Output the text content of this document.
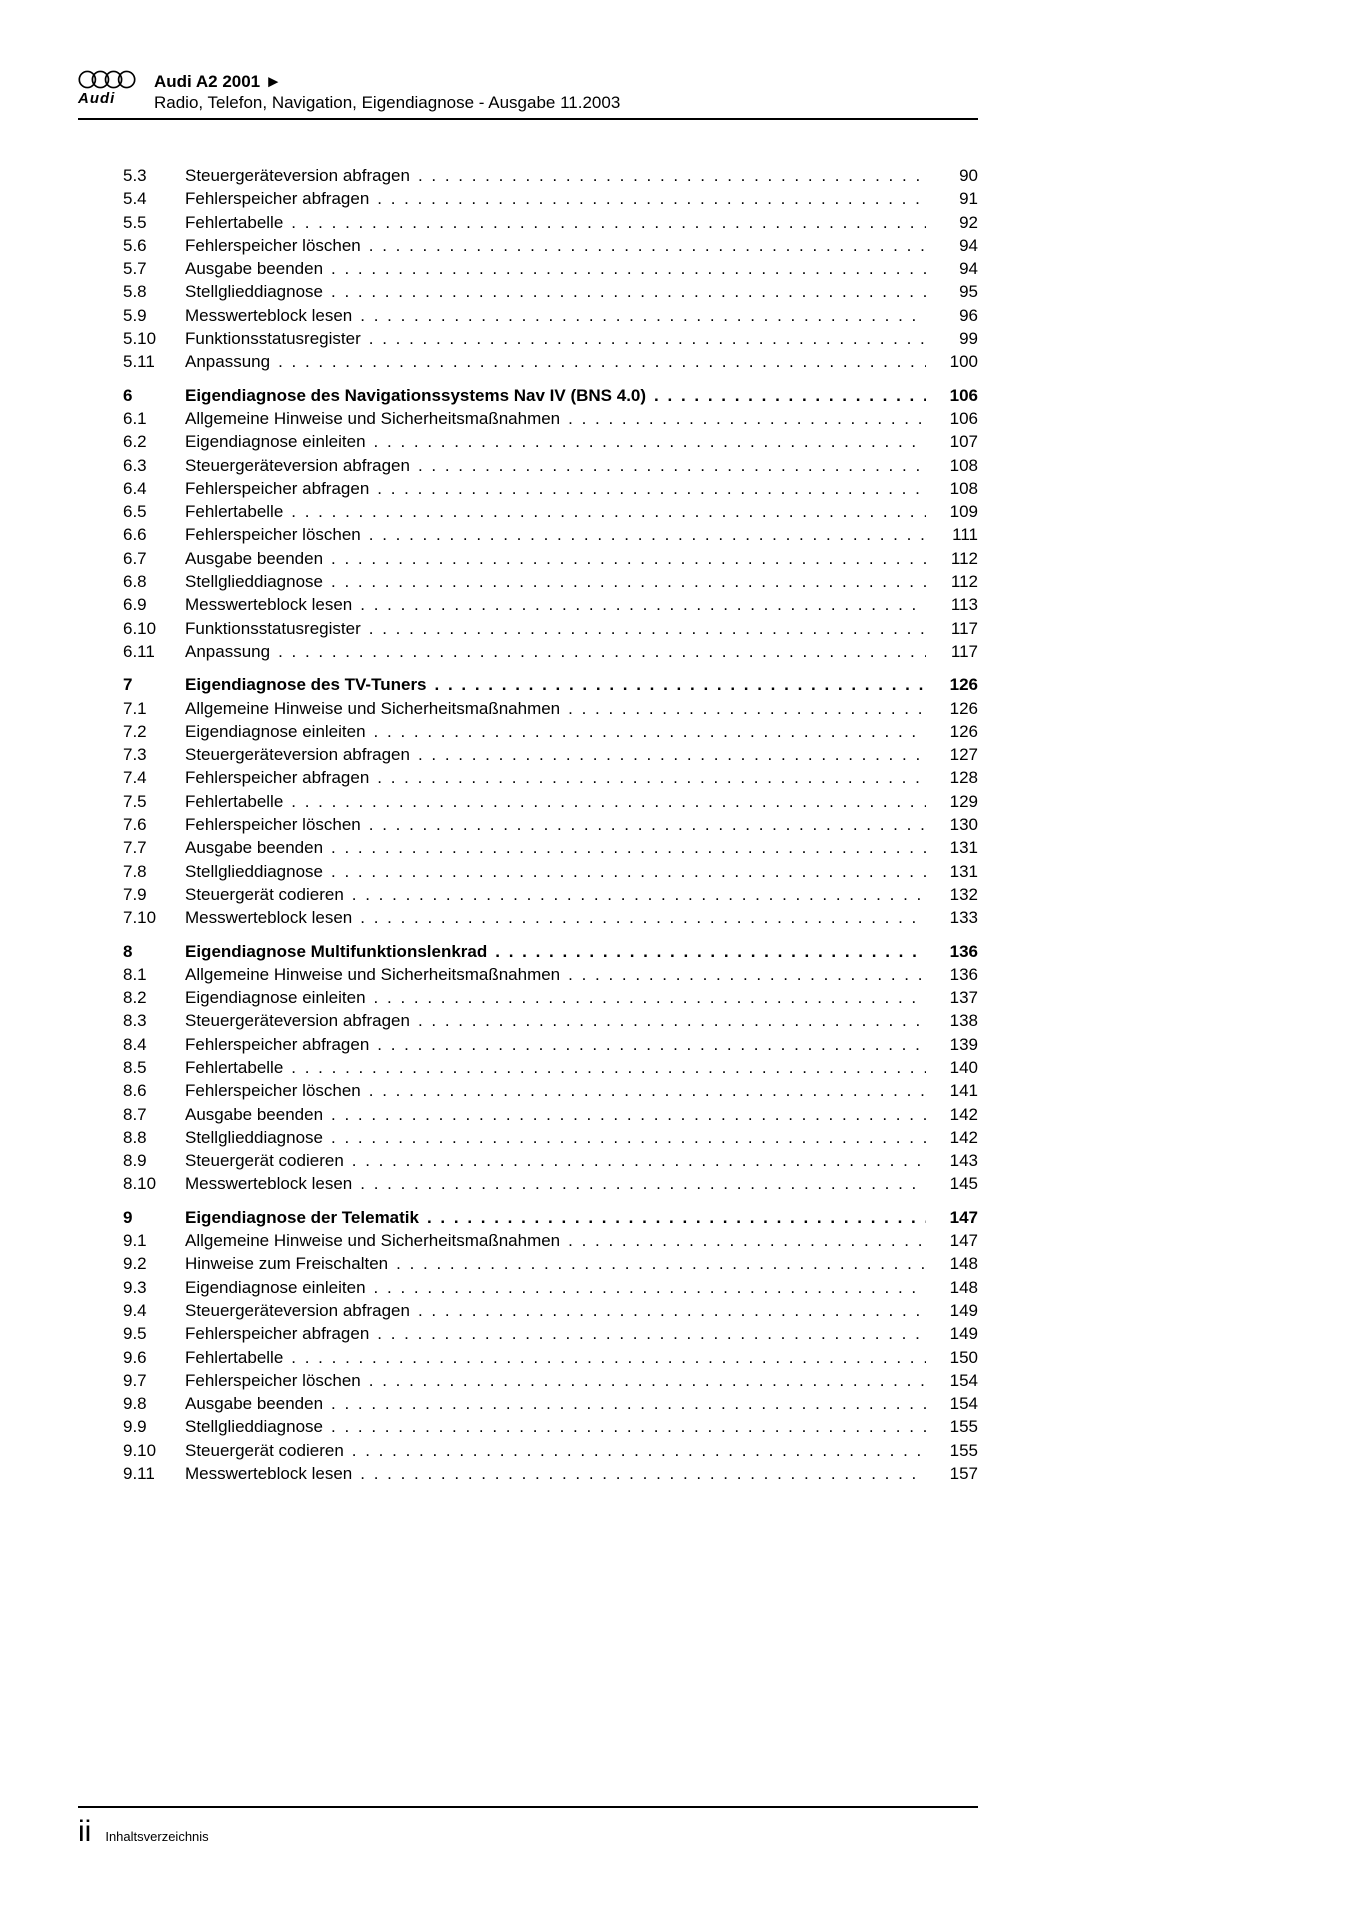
Audi
Audi A2 2001 ►
Radio, Telefon, Navigation, Eigendiagnose - Ausgabe 11.2003
5.3	Steuergeräteversion abfragen . . .	90
5.4	Fehlerspeicher abfragen . . .	91
5.5	Fehlertabelle . . .	92
5.6	Fehlerspeicher löschen . . .	94
5.7	Ausgabe beenden . . .	94
5.8	Stellglieddiagnose . . .	95
5.9	Messwerteblock lesen . . .	96
5.10	Funktionsstatusregister . . .	99
5.11	Anpassung . . .	100
6	Eigendiagnose des Navigationssystems Nav IV (BNS 4.0) . . .	106
6.1	Allgemeine Hinweise und Sicherheitsmaßnahmen . . .	106
6.2	Eigendiagnose einleiten . . .	107
6.3	Steuergeräteversion abfragen . . .	108
6.4	Fehlerspeicher abfragen . . .	108
6.5	Fehlertabelle . . .	109
6.6	Fehlerspeicher löschen . . .	111
6.7	Ausgabe beenden . . .	112
6.8	Stellglieddiagnose . . .	112
6.9	Messwerteblock lesen . . .	113
6.10	Funktionsstatusregister . . .	117
6.11	Anpassung . . .	117
7	Eigendiagnose des TV-Tuners . . .	126
7.1	Allgemeine Hinweise und Sicherheitsmaßnahmen . . .	126
7.2	Eigendiagnose einleiten . . .	126
7.3	Steuergeräteversion abfragen . . .	127
7.4	Fehlerspeicher abfragen . . .	128
7.5	Fehlertabelle . . .	129
7.6	Fehlerspeicher löschen . . .	130
7.7	Ausgabe beenden . . .	131
7.8	Stellglieddiagnose . . .	131
7.9	Steuergerät codieren . . .	132
7.10	Messwerteblock lesen . . .	133
8	Eigendiagnose Multifunktionslenkrad . . .	136
8.1	Allgemeine Hinweise und Sicherheitsmaßnahmen . . .	136
8.2	Eigendiagnose einleiten . . .	137
8.3	Steuergeräteversion abfragen . . .	138
8.4	Fehlerspeicher abfragen . . .	139
8.5	Fehlertabelle . . .	140
8.6	Fehlerspeicher löschen . . .	141
8.7	Ausgabe beenden . . .	142
8.8	Stellglieddiagnose . . .	142
8.9	Steuergerät codieren . . .	143
8.10	Messwerteblock lesen . . .	145
9	Eigendiagnose der Telematik . . .	147
9.1	Allgemeine Hinweise und Sicherheitsmaßnahmen . . .	147
9.2	Hinweise zum Freischalten . . .	148
9.3	Eigendiagnose einleiten . . .	148
9.4	Steuergeräteversion abfragen . . .	149
9.5	Fehlerspeicher abfragen . . .	149
9.6	Fehlertabelle . . .	150
9.7	Fehlerspeicher löschen . . .	154
9.8	Ausgabe beenden . . .	154
9.9	Stellglieddiagnose . . .	155
9.10	Steuergerät codieren . . .	155
9.11	Messwerteblock lesen . . .	157
ii Inhaltsverzeichnis
